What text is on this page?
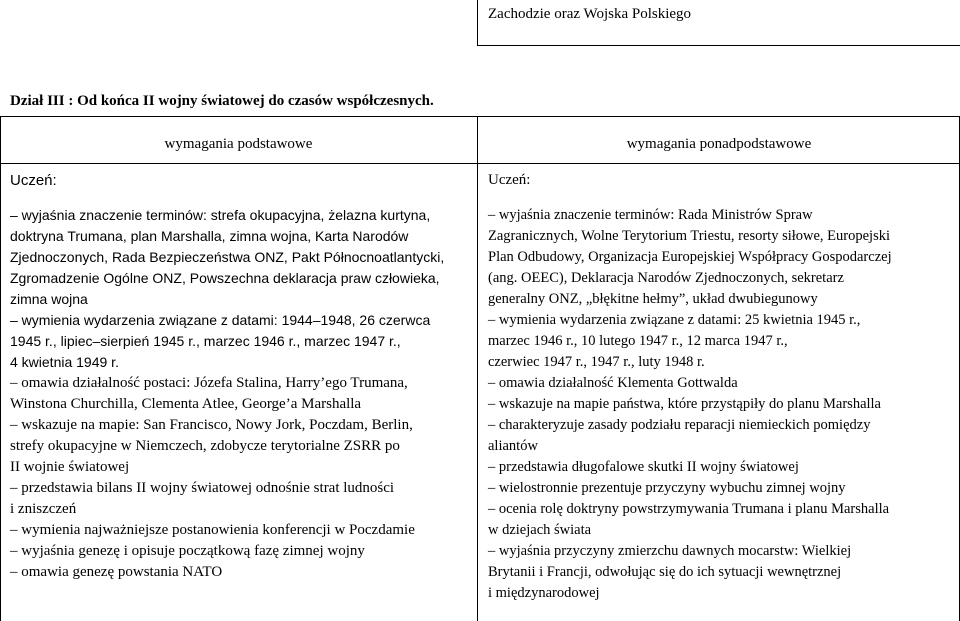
Zachodzie oraz Wojska Polskiego
Dział III : Od końca II wojny światowej do czasów współczesnych.
wymagania podstawowe	wymagania ponadpodstawowe
Uczeń:	Uczeń:
– wyjaśnia znaczenie terminów: strefa okupacyjna, żelazna kurtyna,
doktryna Trumana, plan Marshalla, zimna wojna, Karta Narodów
Zjednoczonych, Rada Bezpieczeństwa ONZ, Pakt Północnoatlantycki,
Zgromadzenie Ogólne ONZ, Powszechna deklaracja praw człowieka,
zimna wojna
– wymienia wydarzenia związane z datami: 1944–1948, 26 czerwca
1945 r., lipiec–sierpień 1945 r., marzec 1946 r., marzec 1947 r.,
4 kwietnia 1949 r.
– omawia działalność postaci: Józefa Stalina, Harry’ego Trumana,
Winstona Churchilla, Clementa Atlee, George’a Marshalla
– wskazuje na mapie: San Francisco, Nowy Jork, Poczdam, Berlin,
strefy okupacyjne w Niemczech, zdobycze terytorialne ZSRR po
II wojnie światowej
– przedstawia bilans II wojny światowej odnośnie strat ludności
i zniszczeń
– wymienia najważniejsze postanowienia konferencji w Poczdamie
– wyjaśnia genezę i opisuje początkową fazę zimnej wojny
– omawia genezę powstania NATO
– wyjaśnia znaczenie terminów: Rada Ministrów Spraw
Zagranicznych, Wolne Terytorium Triestu, resorty siłowe, Europejski
Plan Odbudowy, Organizacja Europejskiej Współpracy Gospodarczej
(ang. OEEC), Deklaracja Narodów Zjednoczonych, sekretarz
generalny ONZ, „błękitne hełmy”, układ dwubiegunowy
– wymienia wydarzenia związane z datami: 25 kwietnia 1945 r.,
marzec 1946 r., 10 lutego 1947 r., 12 marca 1947 r.,
czerwiec 1947 r., 1947 r., luty 1948 r.
– omawia działalność Klementa Gottwalda
– wskazuje na mapie państwa, które przystąpiły do planu Marshalla
– charakteryzuje zasady podziału reparacji niemieckich pomiędzy
aliantów
– przedstawia długofalowe skutki II wojny światowej
– wielostronnie prezentuje przyczyny wybuchu zimnej wojny
– ocenia rolę doktryny powstrzymywania Trumana i planu Marshalla
w dziejach świata
– wyjaśnia przyczyny zmierzchu dawnych mocarstw: Wielkiej
Brytanii i Francji, odwołując się do ich sytuacji wewnętrznej
i międzynarodowej
